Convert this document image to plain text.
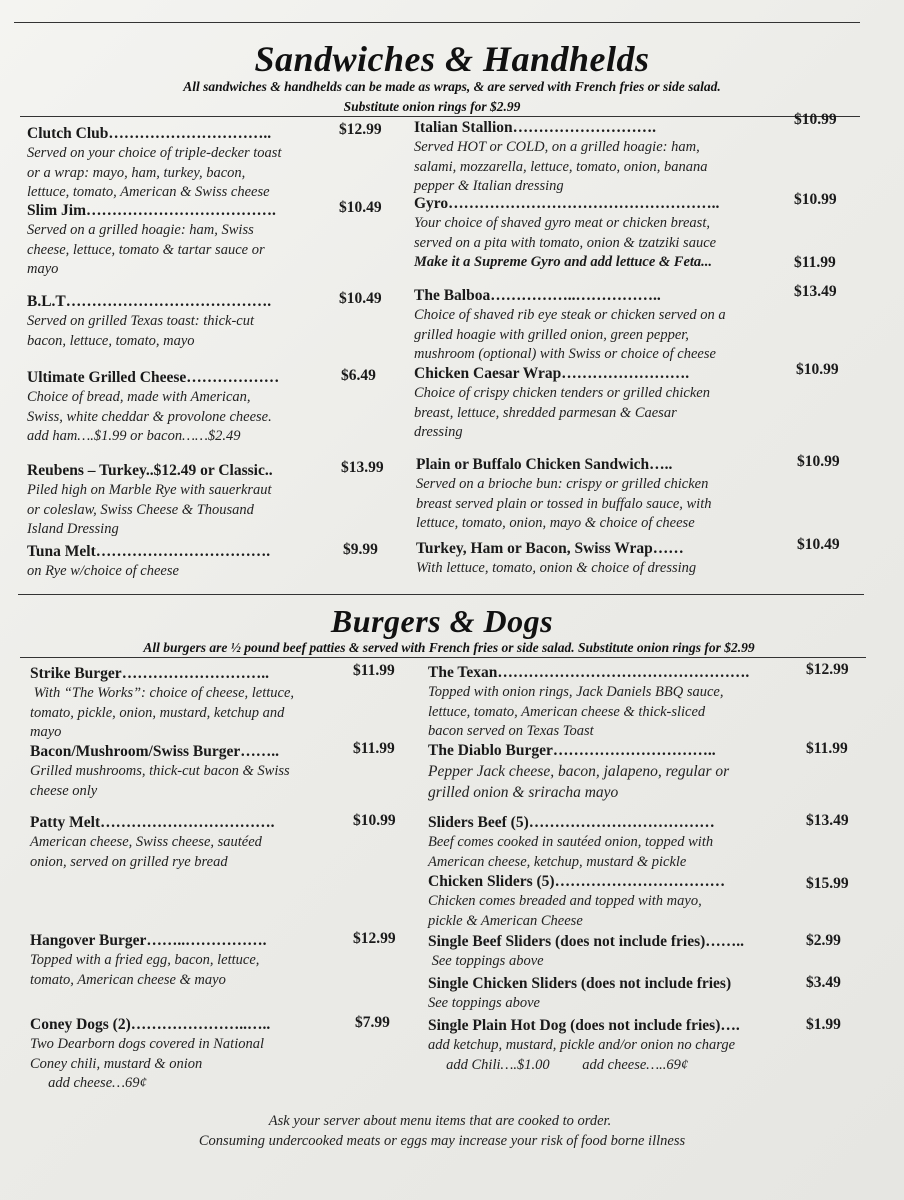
Sandwiches & Handhelds
All sandwiches & handhelds can be made as wraps, & are served with French fries or side salad.
Substitute onion rings for $2.99
Clutch Club…………………………..
Served on your choice of triple-decker toast
or a wrap: mayo, ham, turkey, bacon,
lettuce, tomato, American & Swiss cheese
$12.99
Slim Jim……………………………….
Served on a grilled hoagie: ham, Swiss
cheese, lettuce, tomato & tartar sauce or
mayo
$10.49
B.L.T………………………………….
Served on grilled Texas toast: thick-cut
bacon, lettuce, tomato, mayo
$10.49
Ultimate Grilled Cheese………………
Choice of bread, made with American,
Swiss, white cheddar & provolone cheese.
add ham….$1.99 or bacon……$2.49
$6.49
Reubens – Turkey..$12.49 or Classic..
Piled high on Marble Rye with sauerkraut
or coleslaw, Swiss Cheese & Thousand
Island Dressing
$13.99
Tuna Melt…………………………….
on Rye w/choice of cheese
$9.99
Italian Stallion……………………….
Served HOT or COLD, on a grilled hoagie: ham,
salami, mozzarella, lettuce, tomato, onion, banana
pepper & Italian dressing
$10.99
Gyro……………………………………………..
Your choice of shaved gyro meat or chicken breast,
served on a pita with tomato, onion & tzatziki sauce
Make it a Supreme Gyro and add lettuce & Feta...
$10.99
$11.99
The Balboa……………..……………..
Choice of shaved rib eye steak or chicken served on a
grilled hoagie with grilled onion, green pepper,
mushroom (optional) with Swiss or choice of cheese
$13.49
Chicken Caesar Wrap…………………….
Choice of crispy chicken tenders or grilled chicken
breast, lettuce, shredded parmesan & Caesar
dressing
$10.99
Plain or Buffalo Chicken Sandwich…..
Served on a brioche bun: crispy or grilled chicken
breast served plain or tossed in buffalo sauce, with
lettuce, tomato, onion, mayo & choice of cheese
$10.99
Turkey, Ham or Bacon, Swiss Wrap……
With lettuce, tomato, onion & choice of dressing
$10.49
Burgers & Dogs
All burgers are ½ pound beef patties & served with French fries or side salad. Substitute onion rings for $2.99
Strike Burger………………………..
With “The Works”: choice of cheese, lettuce,
tomato, pickle, onion, mustard, ketchup and
mayo
$11.99
Bacon/Mushroom/Swiss Burger……..
Grilled mushrooms, thick-cut bacon & Swiss
cheese only
$11.99
Patty Melt…………………………….
American cheese, Swiss cheese, sautéed
onion, served on grilled rye bread
$10.99
Hangover Burger……..…………….
Topped with a fried egg, bacon, lettuce,
tomato, American cheese & mayo
$12.99
Coney Dogs (2)…………………..…..
Two Dearborn dogs covered in National
Coney chili, mustard & onion
add cheese…69¢
$7.99
The Texan………………………………………….
Topped with onion rings, Jack Daniels BBQ sauce,
lettuce, tomato, American cheese & thick-sliced
bacon served on Texas Toast
$12.99
The Diablo Burger…………………………..
Pepper Jack cheese, bacon, jalapeno, regular or
grilled onion & sriracha mayo
$11.99
Sliders Beef (5)………………………………
Beef comes cooked in sautéed onion, topped with
American cheese, ketchup, mustard & pickle
$13.49
Chicken Sliders (5)……………………………
Chicken comes breaded and topped with mayo,
pickle & American Cheese
$15.99
Single Beef Sliders (does not include fries)……..
See toppings above
$2.99
Single Chicken Sliders (does not include fries)
See toppings above
$3.49
Single Plain Hot Dog (does not include fries)….
add ketchup, mustard, pickle and/or onion no charge
add Chili….$1.00         add cheese…..69¢
$1.99
Ask your server about menu items that are cooked to order.
Consuming undercooked meats or eggs may increase your risk of food borne illness
